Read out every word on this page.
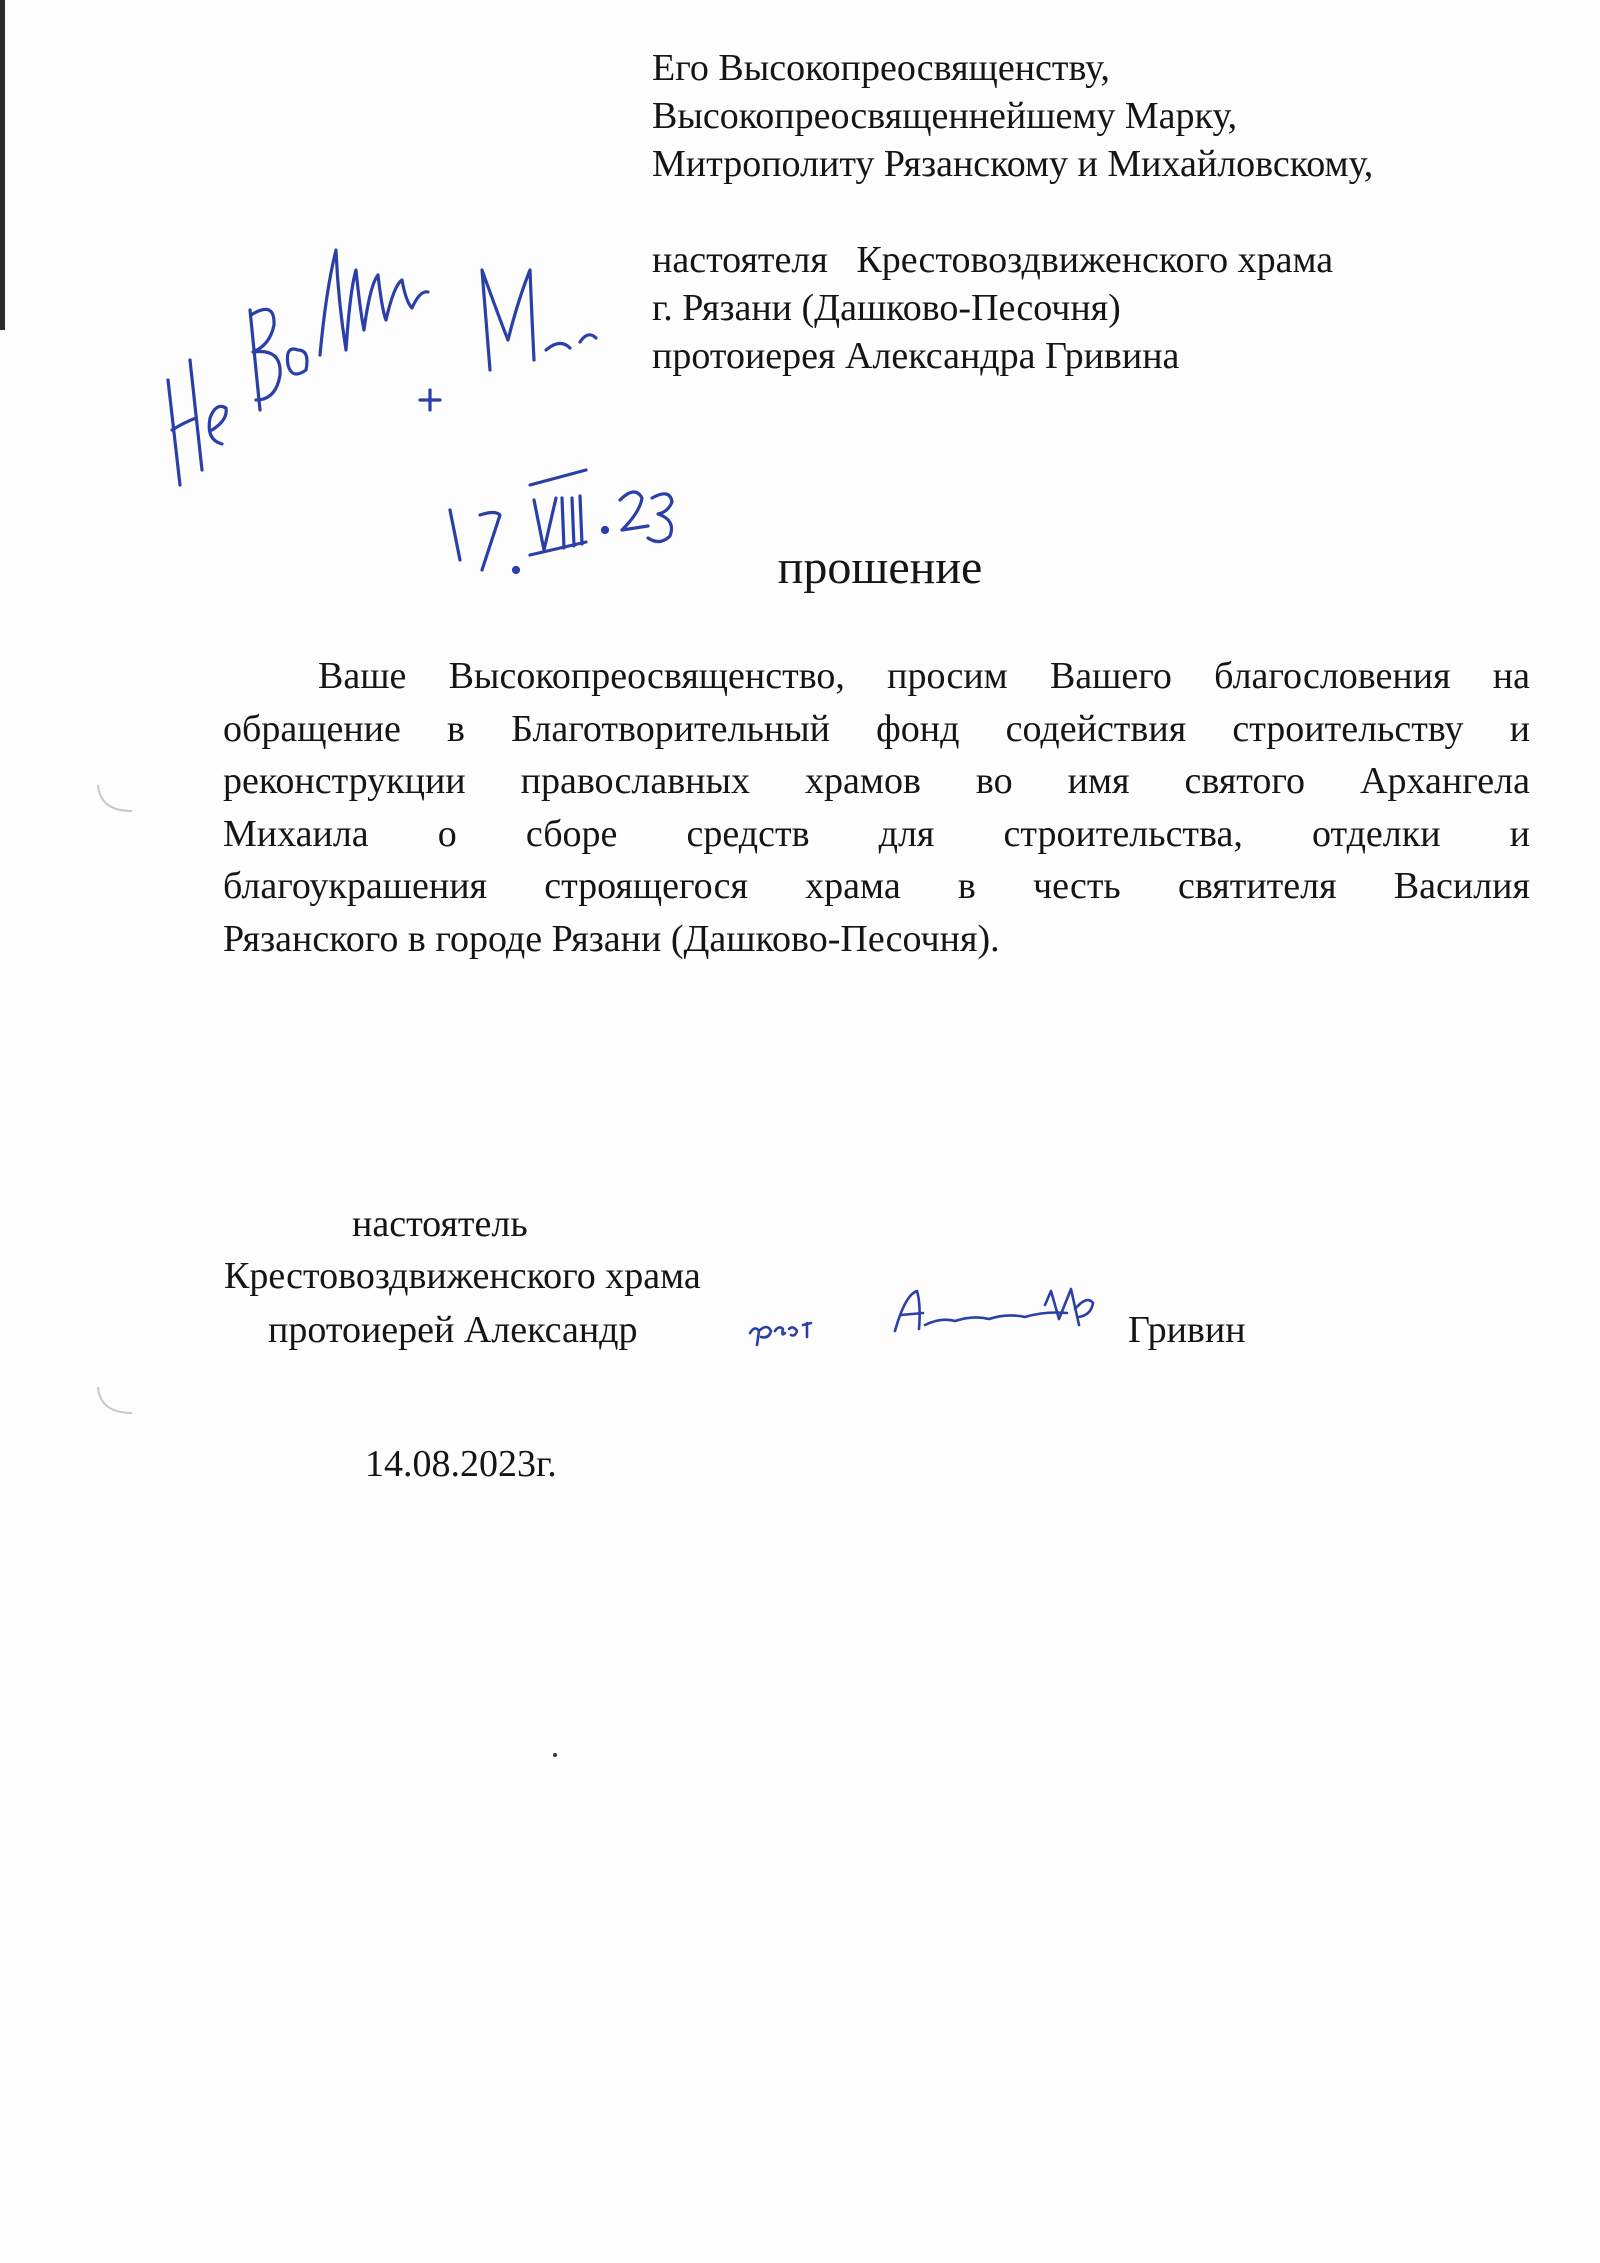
Его Высокопреосвященству,
Высокопреосвященнейшему Марку,
Митрополиту Рязанскому и Михайловскому,
настоятеля   Крестовоздвиженского храма
г. Рязани (Дашково-Песочня)
протоиерея Александра Гривина
прошение
Ваше Высокопреосвященство, просим Вашего благословения на
обращение в Благотворительный фонд содействия строительству и
реконструкции православных храмов во имя святого Архангела
Михаила о сборе средств для строительства, отделки и
благоукрашения строящегося храма в честь святителя Василия
Рязанского в городе Рязани (Дашково-Песочня).
настоятель
Крестовоздвиженского храма
протоиерей Александр	Гривин
14.08.2023г.
